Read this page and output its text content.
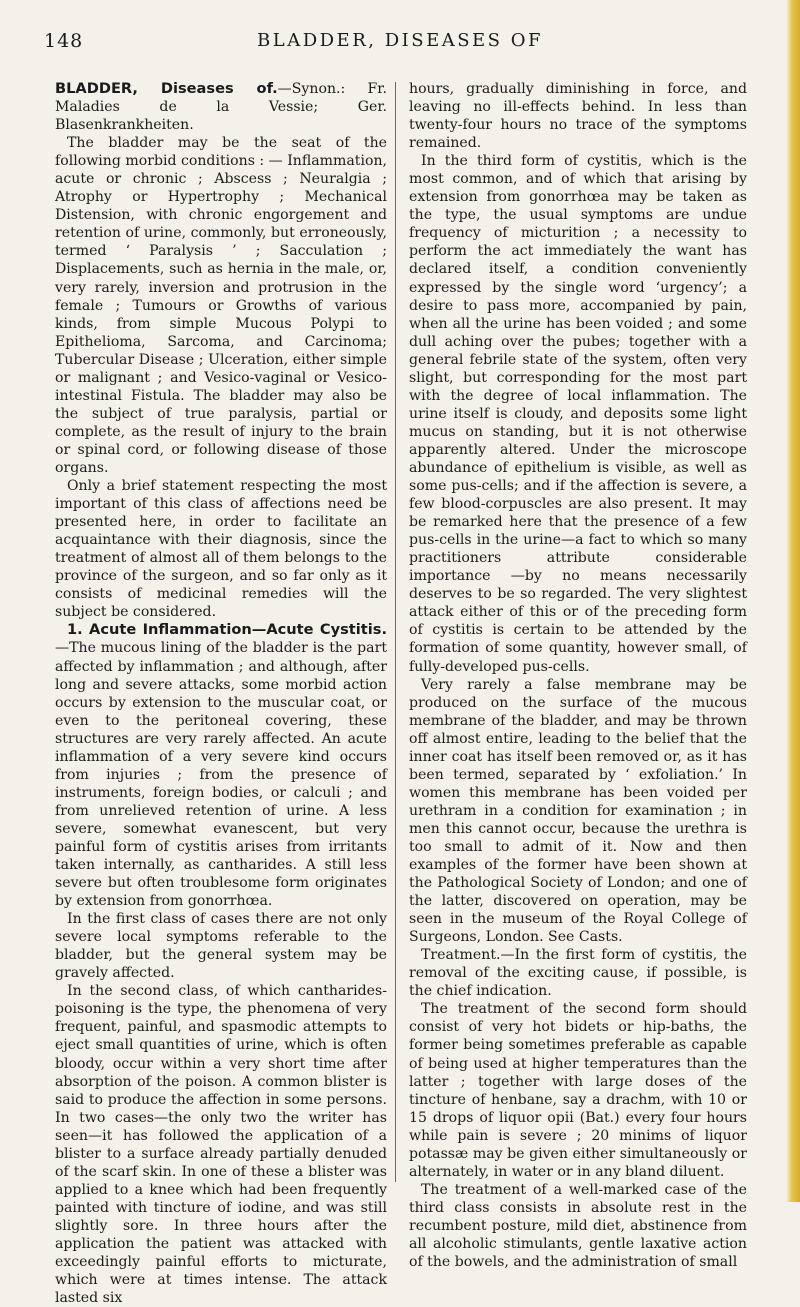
148	BLADDER, DISEASES OF

BLADDER, Diseases of.—Synon.: Fr. Maladies de la Vessie; Ger. Blasenkrankheiten.

The bladder may be the seat of the following morbid conditions : — Inflammation, acute or chronic ; Abscess ; Neuralgia ; Atrophy or Hypertrophy ; Mechanical Distension, with chronic engorgement and retention of urine, commonly, but erroneously, termed ‘ Paralysis ’ ; Sacculation ; Displacements, such as hernia in the male, or, very rarely, inversion and protrusion in the female ; Tumours or Growths of various kinds, from simple Mucous Polypi to Epithelioma, Sarcoma, and Carcinoma; Tubercular Disease ; Ulceration, either simple or malignant ; and Vesico-vaginal or Vesico-intestinal Fistula. The bladder may also be the subject of true paralysis, partial or complete, as the result of injury to the brain or spinal cord, or following disease of those organs.

Only a brief statement respecting the most important of this class of affections need be presented here, in order to facilitate an acquaintance with their diagnosis, since the treatment of almost all of them belongs to the province of the surgeon, and so far only as it consists of medicinal remedies will the subject be considered.

1. Acute Inflammation—Acute Cystitis.—The mucous lining of the bladder is the part affected by inflammation ; and although, after long and severe attacks, some morbid action occurs by extension to the muscular coat, or even to the peritoneal covering, these structures are very rarely affected. An acute inflammation of a very severe kind occurs from injuries ; from the presence of instruments, foreign bodies, or calculi ; and from unrelieved retention of urine. A less severe, somewhat evanescent, but very painful form of cystitis arises from irritants taken internally, as cantharides. A still less severe but often troublesome form originates by extension from gonorrhœa.

In the first class of cases there are not only severe local symptoms referable to the bladder, but the general system may be gravely affected.

In the second class, of which cantharides-poisoning is the type, the phenomena of very frequent, painful, and spasmodic attempts to eject small quantities of urine, which is often bloody, occur within a very short time after absorption of the poison. A common blister is said to produce the affection in some persons. In two cases—the only two the writer has seen—it has followed the application of a blister to a surface already partially denuded of the scarf skin. In one of these a blister was applied to a knee which had been frequently painted with tincture of iodine, and was still slightly sore. In three hours after the application the patient was attacked with exceedingly painful efforts to micturate, which were at times intense. The attack lasted six

hours, gradually diminishing in force, and leaving no ill-effects behind. In less than twenty-four hours no trace of the symptoms remained.

In the third form of cystitis, which is the most common, and of which that arising by extension from gonorrhœa may be taken as the type, the usual symptoms are undue frequency of micturition ; a necessity to perform the act immediately the want has declared itself, a condition conveniently expressed by the single word ‘urgency’; a desire to pass more, accompanied by pain, when all the urine has been voided ; and some dull aching over the pubes; together with a general febrile state of the system, often very slight, but corresponding for the most part with the degree of local inflammation. The urine itself is cloudy, and deposits some light mucus on standing, but it is not otherwise apparently altered. Under the microscope abundance of epithelium is visible, as well as some pus-cells; and if the affection is severe, a few blood-corpuscles are also present. It may be remarked here that the presence of a few pus-cells in the urine—a fact to which so many practitioners attribute considerable importance —by no means necessarily deserves to be so regarded. The very slightest attack either of this or of the preceding form of cystitis is certain to be attended by the formation of some quantity, however small, of fully-developed pus-cells.

Very rarely a false membrane may be produced on the surface of the mucous membrane of the bladder, and may be thrown off almost entire, leading to the belief that the inner coat has itself been removed or, as it has been termed, separated by ‘ exfoliation.’ In women this membrane has been voided per urethram in a condition for examination ; in men this cannot occur, because the urethra is too small to admit of it. Now and then examples of the former have been shown at the Pathological Society of London; and one of the latter, discovered on operation, may be seen in the museum of the Royal College of Surgeons, London. See Casts.

Treatment.—In the first form of cystitis, the removal of the exciting cause, if possible, is the chief indication.

The treatment of the second form should consist of very hot bidets or hip-baths, the former being sometimes preferable as capable of being used at higher temperatures than the latter ; together with large doses of the tincture of henbane, say a drachm, with 10 or 15 drops of liquor opii (Bat.) every four hours while pain is severe ; 20 minims of liquor potassæ may be given either simultaneously or alternately, in water or in any bland diluent.

The treatment of a well-marked case of the third class consists in absolute rest in the recumbent posture, mild diet, abstinence from all alcoholic stimulants, gentle laxative action of the bowels, and the administration of small
